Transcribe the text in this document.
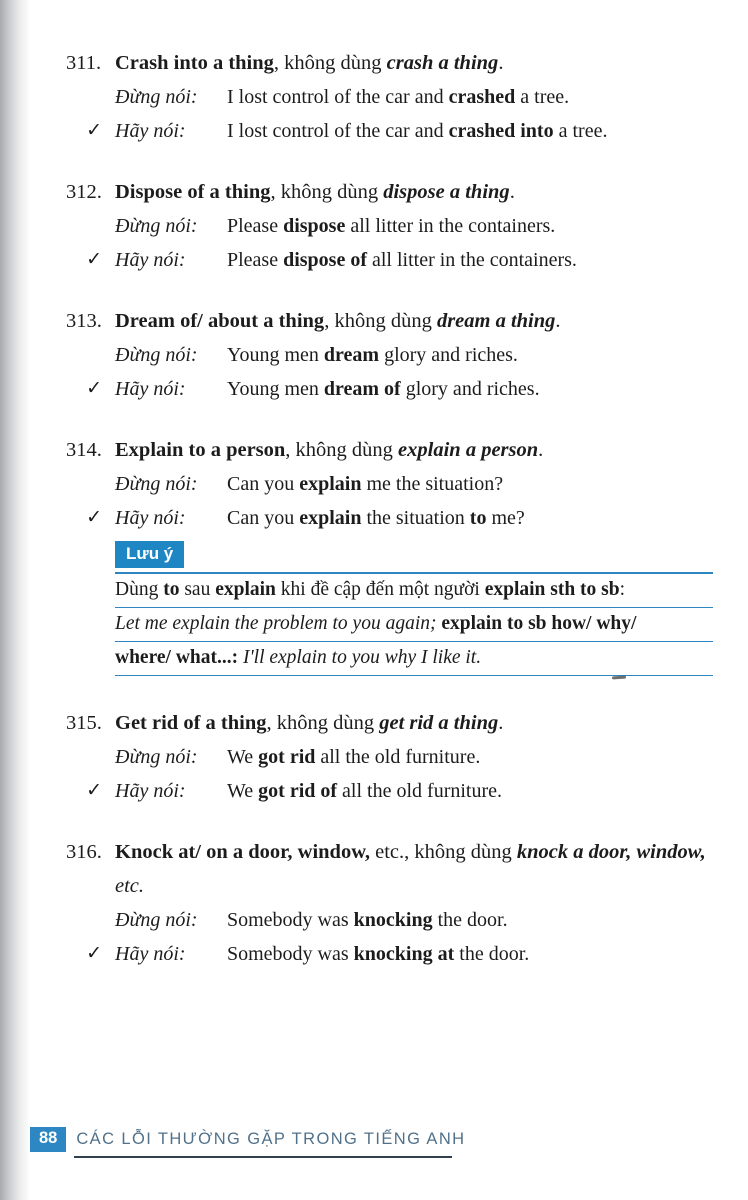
311. Crash into a thing, không dùng crash a thing.
Đừng nói:	I lost control of the car and crashed a tree.
✓ Hãy nói:	I lost control of the car and crashed into a tree.
312. Dispose of a thing, không dùng dispose a thing.
Đừng nói:	Please dispose all litter in the containers.
✓ Hãy nói:	Please dispose of all litter in the containers.
313. Dream of/ about a thing, không dùng dream a thing.
Đừng nói:	Young men dream glory and riches.
✓ Hãy nói:	Young men dream of glory and riches.
314. Explain to a person, không dùng explain a person.
Đừng nói:	Can you explain me the situation?
✓ Hãy nói:	Can you explain the situation to me?
Lưu ý
Dùng to sau explain khi đề cập đến một người explain sth to sb:
Let me explain the problem to you again; explain to sb how/ why/
where/ what...: I'll explain to you why I like it.
315. Get rid of a thing, không dùng get rid a thing.
Đừng nói:	We got rid all the old furniture.
✓ Hãy nói:	We got rid of all the old furniture.
316. Knock at/ on a door, window, etc., không dùng knock a door, window, etc.
Đừng nói:	Somebody was knocking the door.
✓ Hãy nói:	Somebody was knocking at the door.
88	CÁC LỖI THƯỜNG GẶP TRONG TIẾNG ANH
